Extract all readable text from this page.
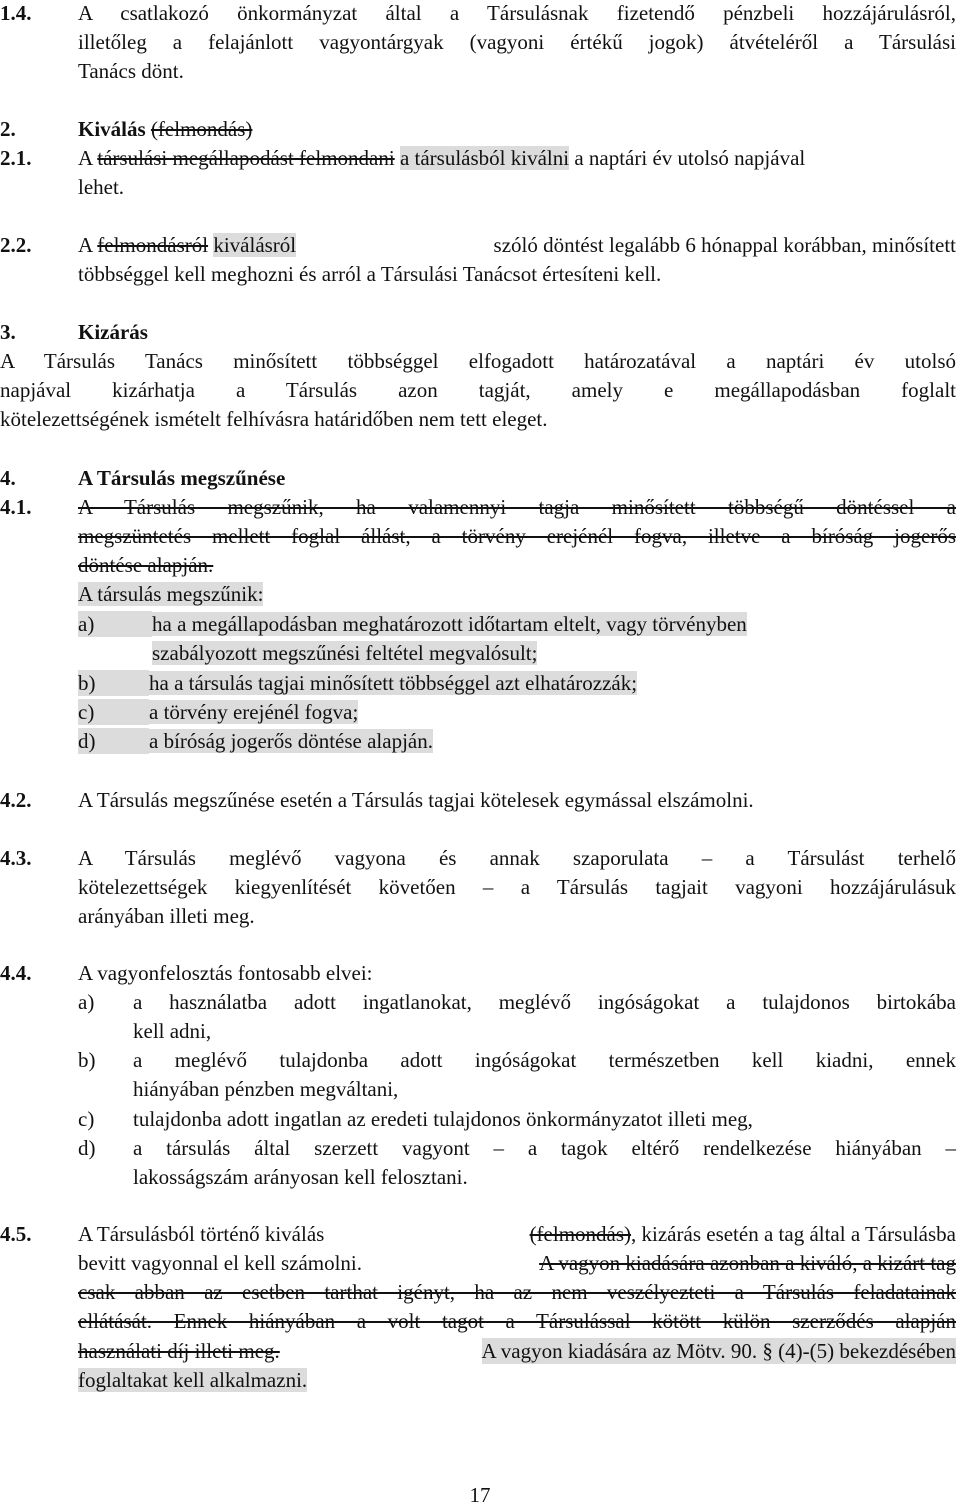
1.4. A csatlakozó önkormányzat által a Társulásnak fizetendő pénzbeli hozzájárulásról,
illetőleg a felajánlott vagyontárgyak (vagyoni értékű jogok) átvételéről a Társulási
Tanács dönt.
2.	Kiválás (felmondás)
2.1. A társulási megállapodást felmondani a társulásból kiválni a naptári év utolsó napjával
lehet.
2.2. A felmondásról kiválásról	szóló döntést legalább 6 hónappal korábban, minősített
többséggel kell meghozni és arról a Társulási Tanácsot értesíteni kell.
3.	Kizárás
A Társulás Tanács minősített többséggel elfogadott határozatával a naptári év utolsó
napjával kizárhatja a Társulás azon tagját, amely e megállapodásban foglalt
kötelezettségének ismételt felhívásra határidőben nem tett eleget.
4.	A Társulás megszűnése
4.1. A Társulás megszűnik, ha valamennyi tagja minősített többségű döntéssel a
megszüntetés mellett foglal állást, a törvény erejénél fogva, illetve a bíróság jogerős
döntése alapján.
A társulás megszűnik:
a)	ha a megállapodásban meghatározott időtartam eltelt, vagy törvényben
szabályozott megszűnési feltétel megvalósult;
b)	ha a társulás tagjai minősített többséggel azt elhatározzák;
c)	a törvény erejénél fogva;
d)	a bíróság jogerős döntése alapján.
4.2. A Társulás megszűnése esetén a Társulás tagjai kötelesek egymással elszámolni.
4.3. A Társulás meglévő vagyona és annak szaporulata – a Társulást terhelő
kötelezettségek kiegyenlítését követően – a Társulás tagjait vagyoni hozzájárulásuk
arányában illeti meg.
4.4. A vagyonfelosztás fontosabb elvei:
a) a használatba adott ingatlanokat, meglévő ingóságokat a tulajdonos birtokába
kell adni,
b) a meglévő tulajdonba adott ingóságokat természetben kell kiadni, ennek
hiányában pénzben megváltani,
c) tulajdonba adott ingatlan az eredeti tulajdonos önkormányzatot illeti meg,
d) a társulás által szerzett vagyont – a tagok eltérő rendelkezése hiányában –
lakosságszám arányosan kell felosztani.
4.5. A Társulásból történő kiválás	(felmondás), kizárás esetén a tag által a Társulásba
bevitt vagyonnal el kell számolni.	A vagyon kiadására azonban a kiváló, a kizárt tag
csak abban az esetben tarthat igényt, ha az nem veszélyezteti a Társulás feladatainak
ellátását. Ennek hiányában a volt tagot a Társulással kötött külön szerződés alapján
használati díj illeti meg.	A vagyon kiadására az Mötv. 90. § (4)-(5) bekezdésében
foglaltakat kell alkalmazni.
17
